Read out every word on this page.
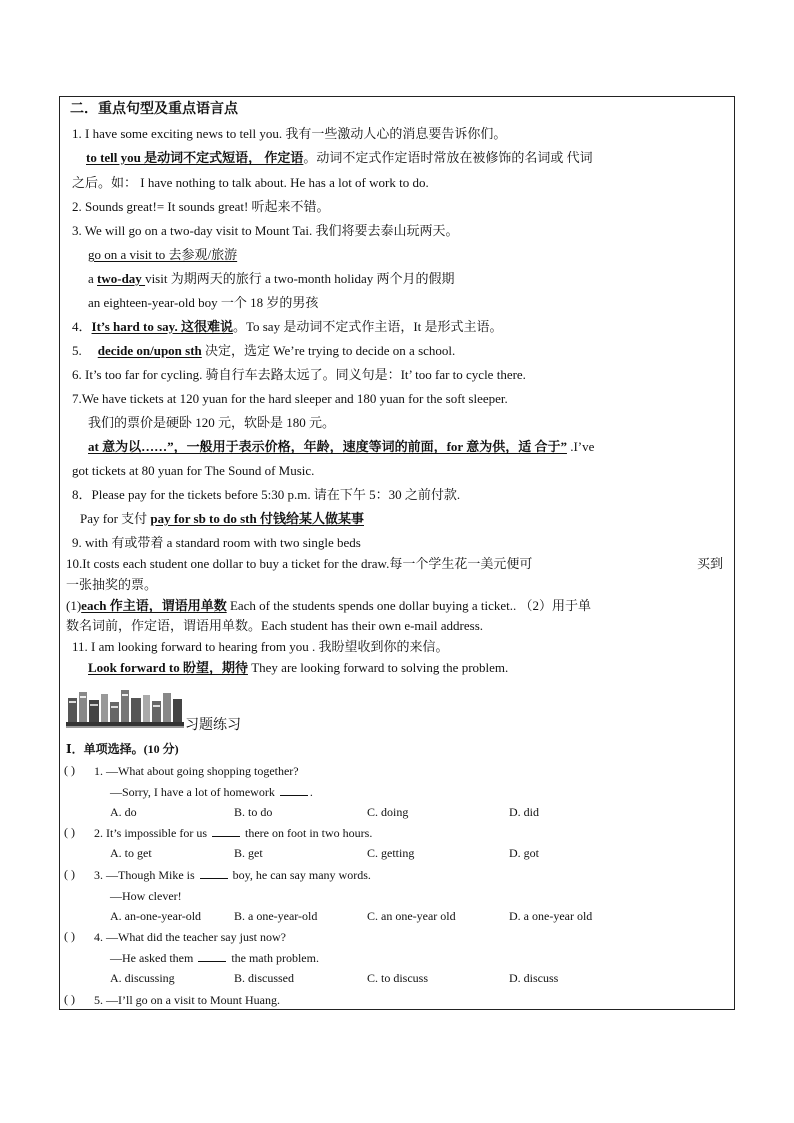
二．重点句型及重点语言点
1. I have some exciting news to tell you. 我有一些激动人心的消息要告诉你们。
to tell you 是动词不定式短语， 作定语。动词不定式作定语时常放在被修饰的名词或 代词
之后。如： I have nothing to talk about. He has a lot of work to do.
2. Sounds great!= It sounds great! 听起来不错。
3. We will go on a two-day visit to Mount Tai. 我们将要去泰山玩两天。
go on a visit to 去参观/旅游
a two-day visit 为期两天的旅行 a two-month holiday 两个月的假期
an eighteen-year-old boy 一个 18 岁的男孩
4．It’s hard to say. 这很难说。To say 是动词不定式作主语，It 是形式主语。
5. decide on/upon sth 决定，选定 We’re trying to decide on a school.
6. It’s too far for cycling. 骑自行车去路太远了。同义句是：It’ too far to cycle there.
7.We have tickets at 120 yuan for the hard sleeper and 180 yuan for the soft sleeper.
我们的票价是硬卧 120 元，软卧是 180 元。
at 意为以……”，一般用于表示价格，年龄，速度等词的前面，for 意为供，适 合于” .I’ve
got tickets at 80 yuan for The Sound of Music.
8．Please pay for the tickets before 5:30 p.m. 请在下午 5：30 之前付款.
Pay for 支付 pay for sb to do sth 付钱给某人做某事
9. with 有或带着 a standard room with two single beds
10.It costs each student one dollar to buy a ticket for the draw.每一个学生花一美元便可	买到
一张抽奖的票。
(1)each 作主语，谓语用单数 Each of the students spends one dollar buying a ticket.. （2）用于单
数名词前，作定语，谓语用单数。Each student has their own e-mail address.
11. I am looking forward to hearing from you . 我盼望收到你的来信。
Look forward to 盼望，期待 They are looking forward to solving the problem.
习题练习
Ⅰ．单项选择。(10 分)
( ) 1. —What about going shopping together?
—Sorry, I have a lot of homework	.
A. do	B. to do	C. doing	D. did
( ) 2. It’s impossible for us	there on foot in two hours.
A. to get	B. get	C. getting	D. got
( ) 3. —Though Mike is	boy, he can say many words.
—How clever!
A. an-one-year-old	B. a one-year-old	C. an one-year old	D. a one-year old
( ) 4. —What did the teacher say just now?
—He asked them	the math problem.
A. discussing	B. discussed	C. to discuss	D. discuss
( ) 5. —I’ll go on a visit to Mount Huang.
